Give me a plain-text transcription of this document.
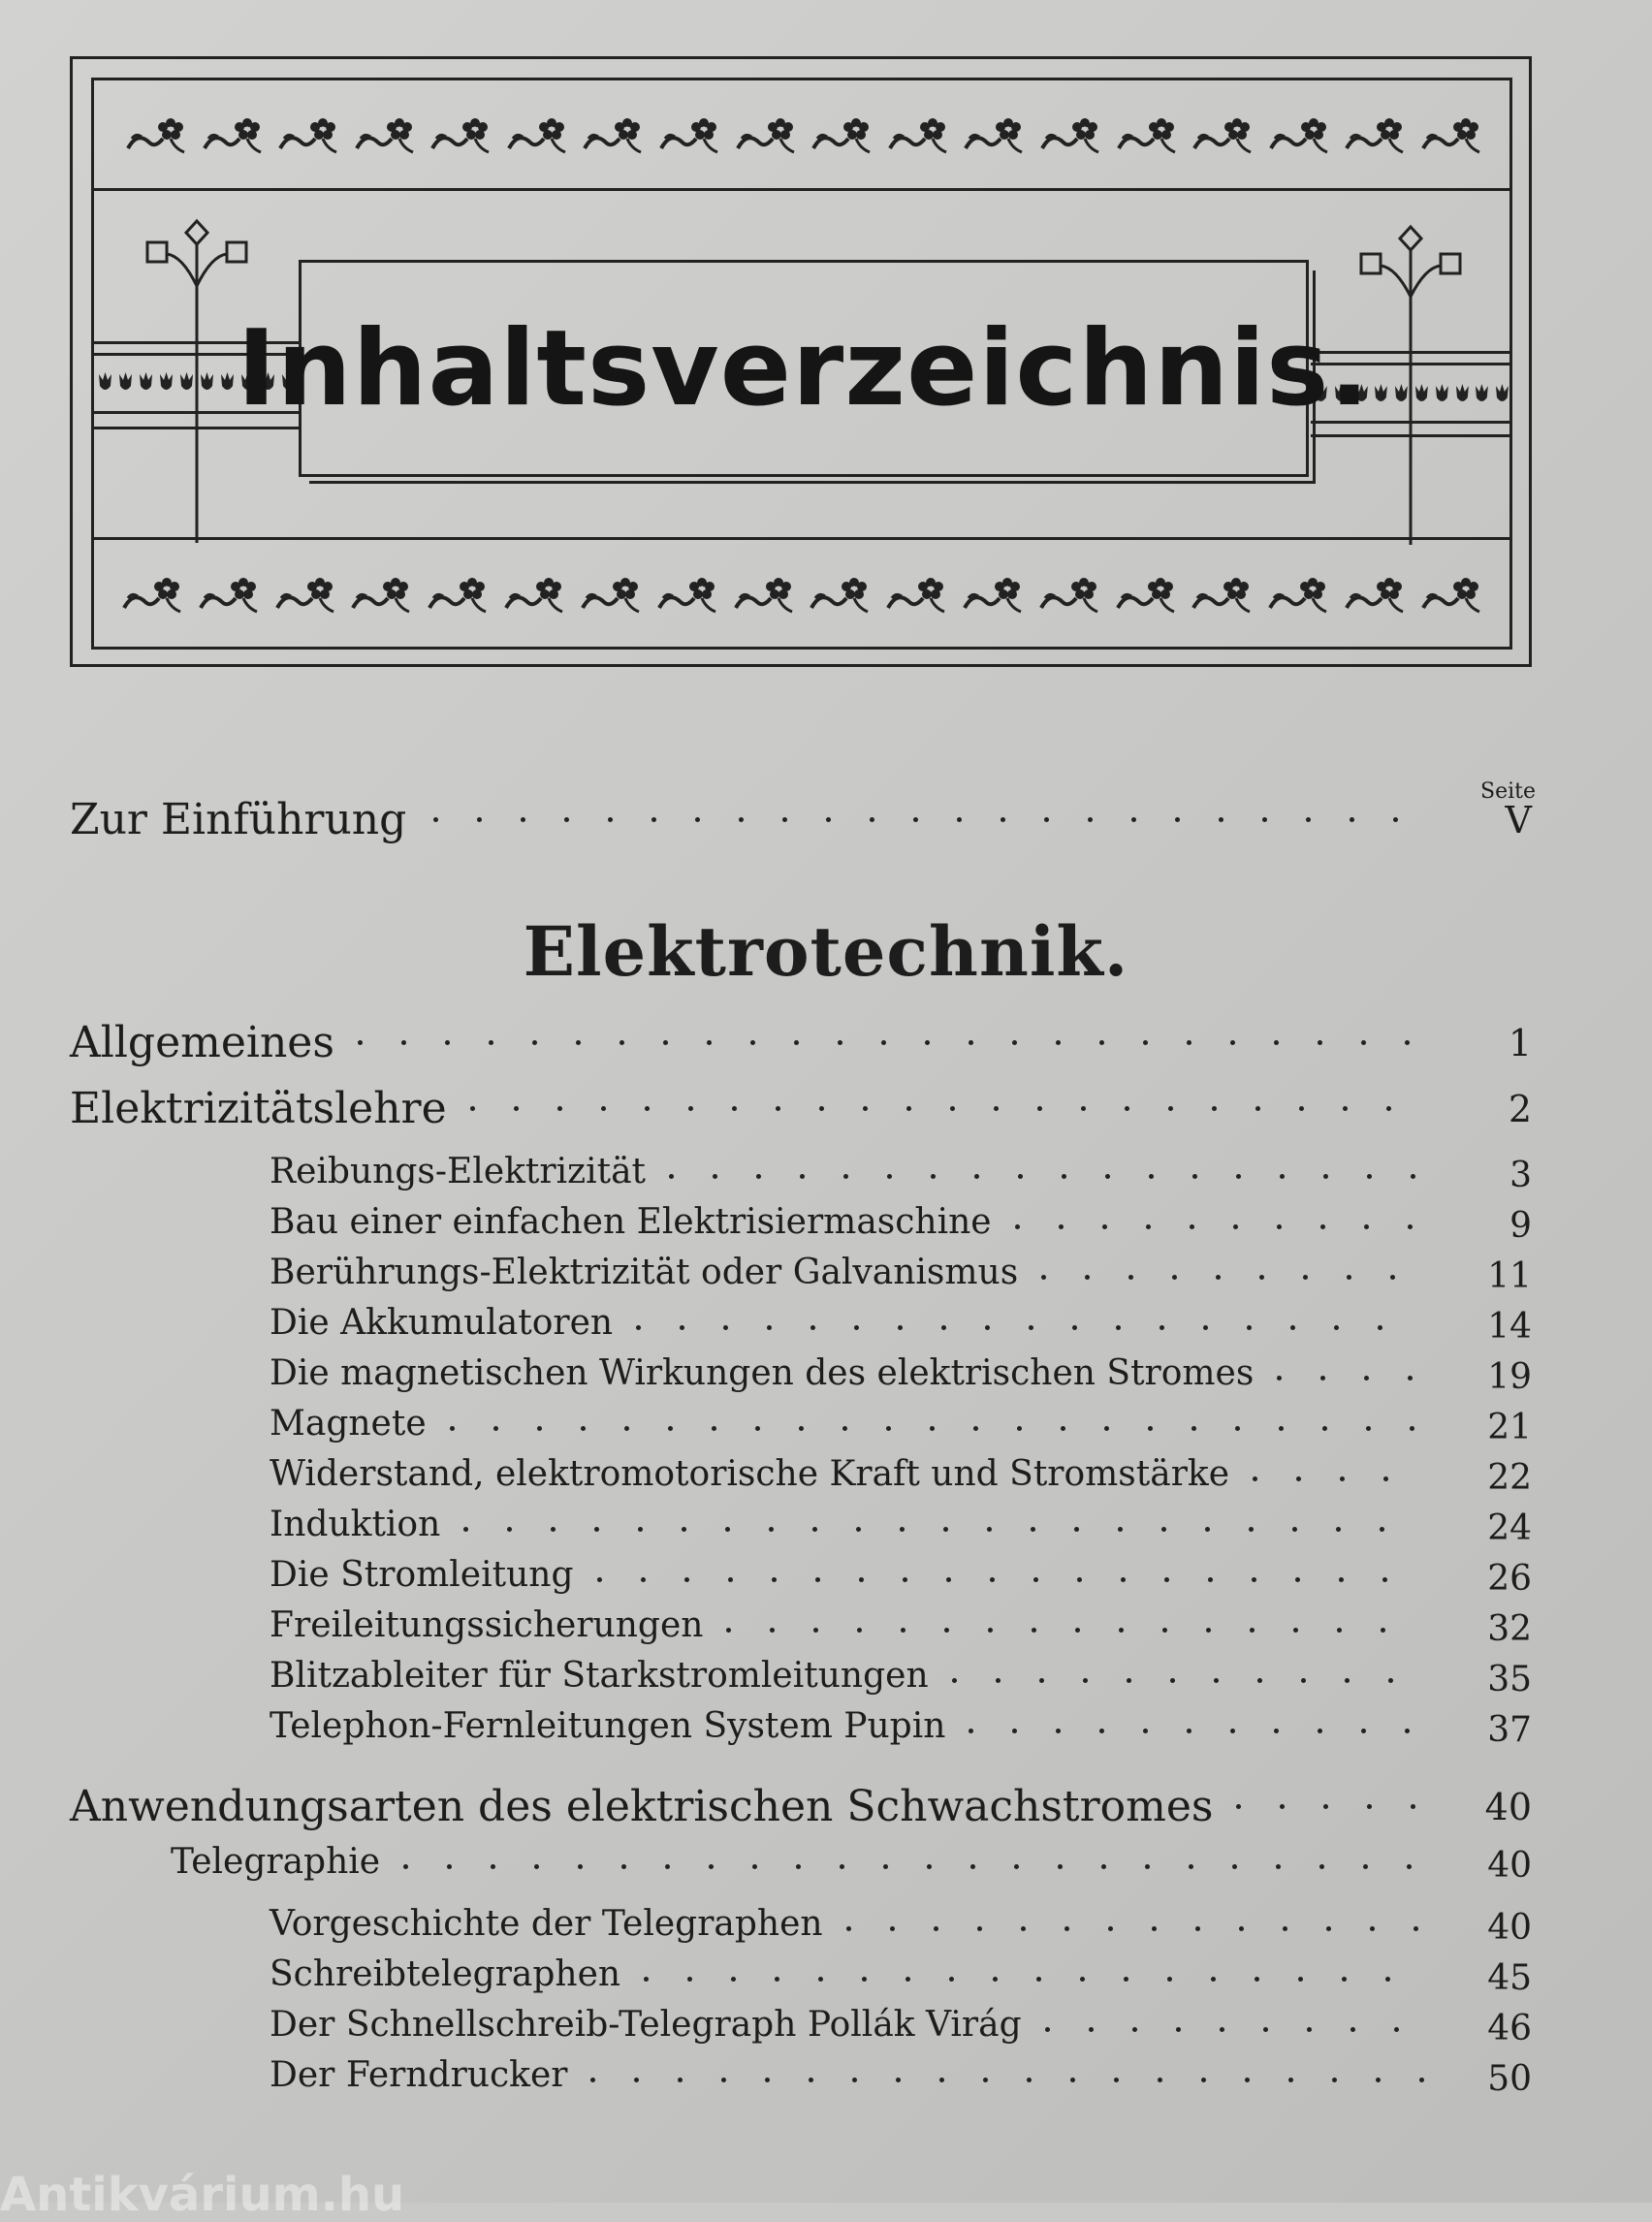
Inhaltsverzeichnis.
Seite
Zur Einführung	V
Elektrotechnik.
Allgemeines	1
Elektrizitätslehre	2
Reibungs-Elektrizität	3
Bau einer einfachen Elektrisiermaschine	9
Berührungs-Elektrizität oder Galvanismus	11
Die Akkumulatoren	14
Die magnetischen Wirkungen des elektrischen Stromes	19
Magnete	21
Widerstand, elektromotorische Kraft und Stromstärke	22
Induktion	24
Die Stromleitung	26
Freileitungssicherungen	32
Blitzableiter für Starkstromleitungen	35
Telephon-Fernleitungen System Pupin	37
Anwendungsarten des elektrischen Schwachstromes	40
Telegraphie	40
Vorgeschichte der Telegraphen	40
Schreibtelegraphen	45
Der Schnellschreib-Telegraph Pollák Virág	46
Der Ferndrucker	50
Antikvárium.hu
